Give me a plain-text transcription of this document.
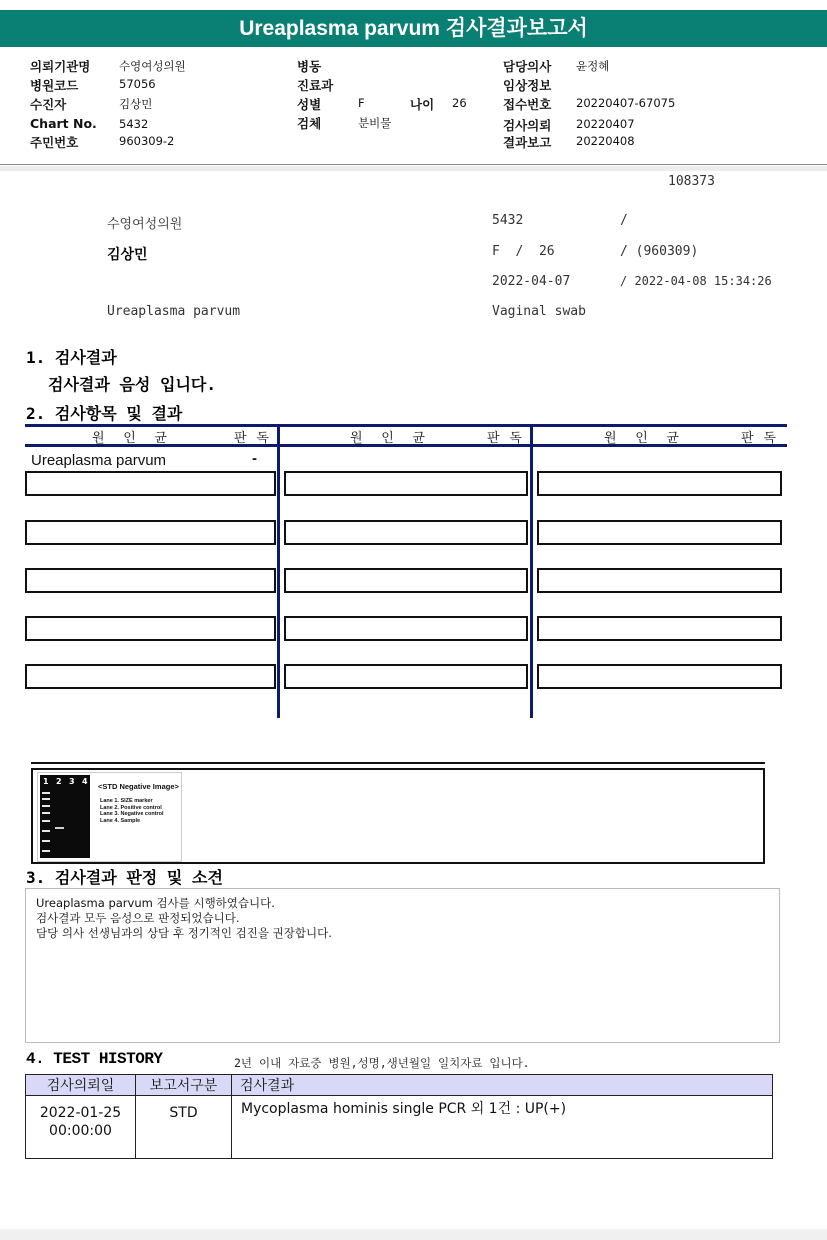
Ureaplasma parvum 검사결과보고서
의뢰기관명 수영여성의원
병원코드	57056
수진자	김상민
Chart No. 5432
주민번호	960309-2
병동
진료과
성별	F	나이 26
검체	분비물
담당의사 윤정혜
임상정보
접수번호 20220407-67075
검사의뢰 20220407
결과보고 20220408
108373
수영여성의원	5432	/
김상민	F  /  26	/ (960309)
2022-04-07	/ 2022-04-08 15:34:26
Ureaplasma parvum	Vaginal swab
1. 검사결과
검사결과 음성 입니다.
2. 검사항목 및 결과
원  인  균	판 독	원  인  균	판 독	원  인  균	판 독
Ureaplasma parvum	-
1 2 3 4
<STD Negative Image>
Lane 1. SIZE marker
Lane 2. Positive control
Lane 3. Negative control
Lane 4. Sample
3. 검사결과 판정 및 소견
Ureaplasma parvum 검사를 시행하였습니다.
검사결과 모두 음성으로 판정되었습니다.
담당 의사 선생님과의 상담 후 정기적인 검진을 권장합니다.
4. TEST HISTORY	2년 이내 자료중 병원,성명,생년월일 일치자료 입니다.
검사의뢰일	보고서구분	검사결과

2022-01-25
00:00:00	STD	Mycoplasma hominis single PCR 외 1건 : UP(+)
